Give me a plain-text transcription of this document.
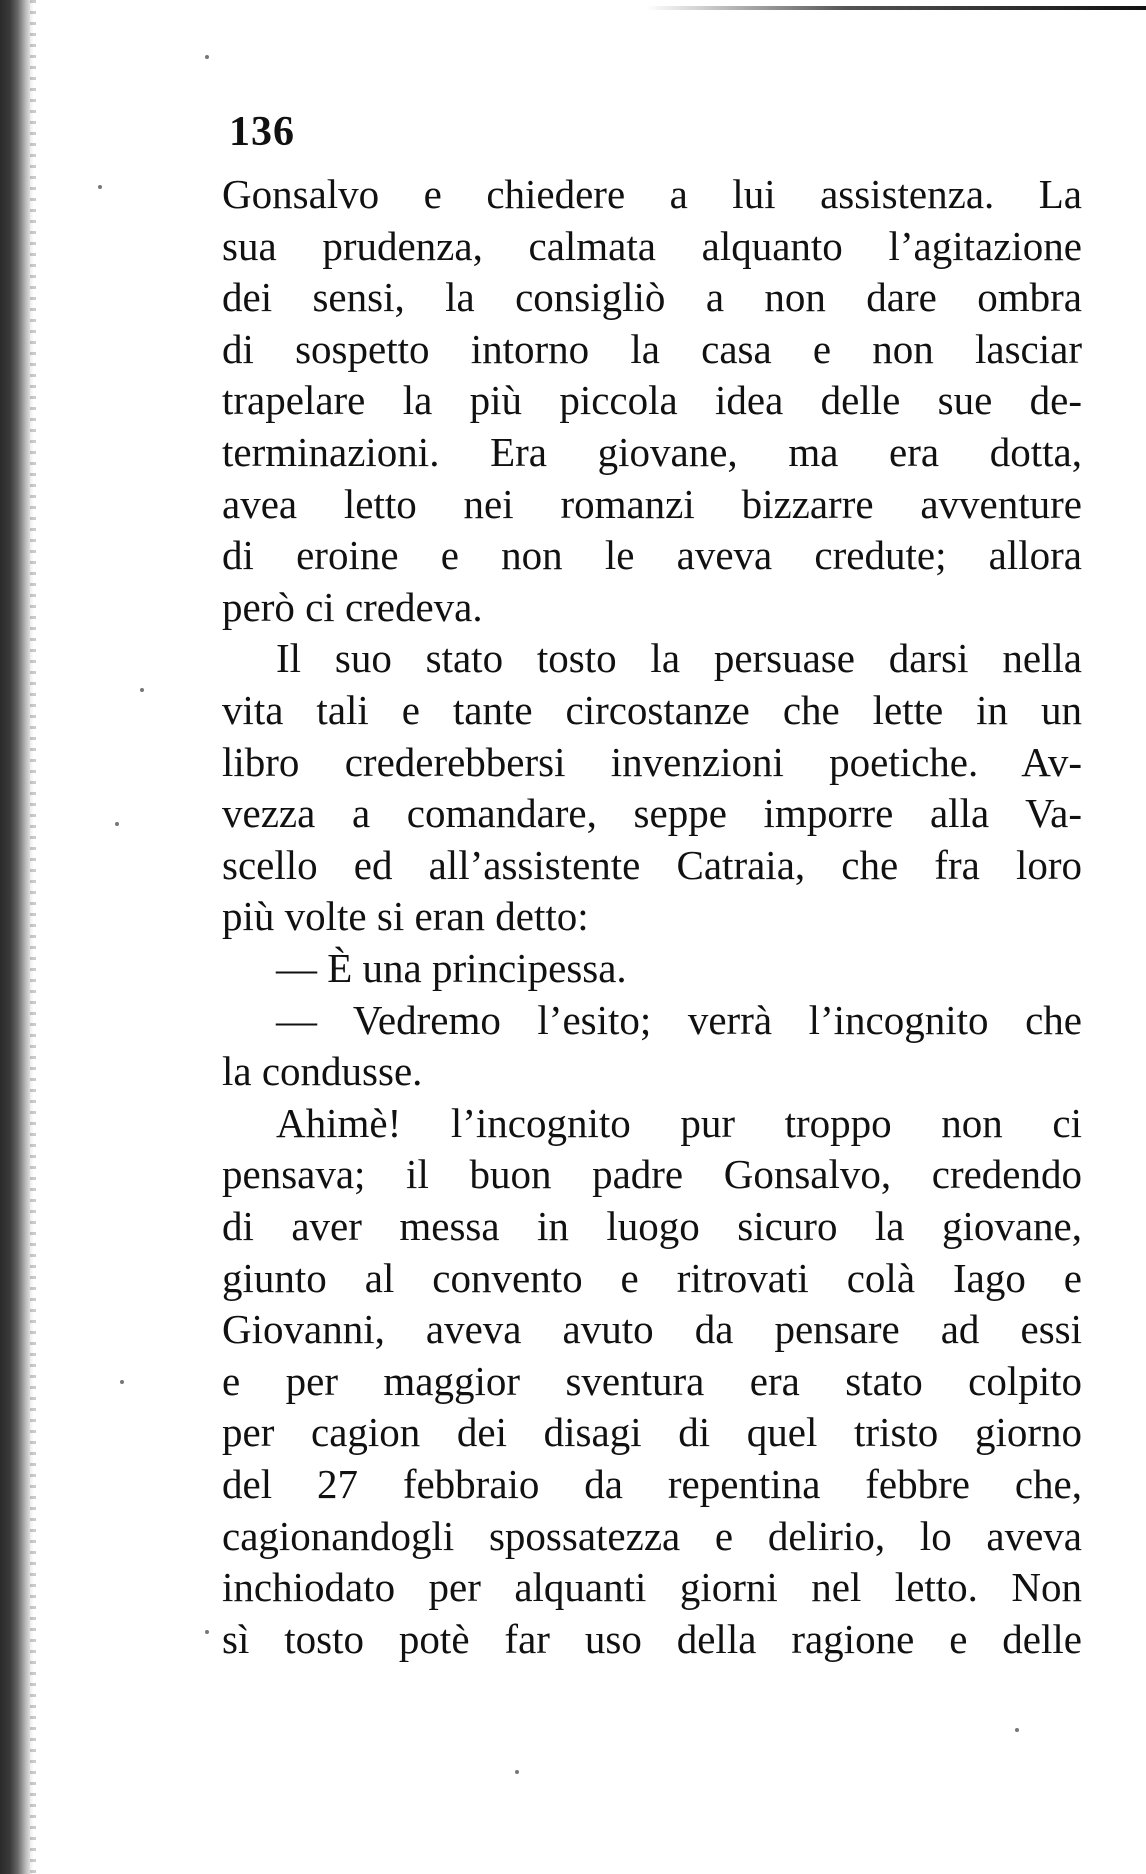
136
Gonsalvo e chiedere a lui assistenza. La
sua prudenza, calmata alquanto l’agitazione
dei sensi, la consigliò a non dare ombra
di sospetto intorno la casa e non lasciar
trapelare la più piccola idea delle sue de-
terminazioni. Era giovane, ma era dotta,
avea letto nei romanzi bizzarre avventure
di eroine e non le aveva credute; allora
però ci credeva.
Il suo stato tosto la persuase darsi nella
vita tali e tante circostanze che lette in un
libro crederebbersi invenzioni poetiche. Av-
vezza a comandare, seppe imporre alla Va-
scello ed all’assistente Catraia, che fra loro
più volte si eran detto:
— È una principessa.
— Vedremo l’esito; verrà l’incognito che
la condusse.
Ahimè! l’incognito pur troppo non ci
pensava; il buon padre Gonsalvo, credendo
di aver messa in luogo sicuro la giovane,
giunto al convento e ritrovati colà Iago e
Giovanni, aveva avuto da pensare ad essi
e per maggior sventura era stato colpito
per cagion dei disagi di quel tristo giorno
del 27 febbraio da repentina febbre che,
cagionandogli spossatezza e delirio, lo aveva
inchiodato per alquanti giorni nel letto. Non
sì tosto potè far uso della ragione e delle
